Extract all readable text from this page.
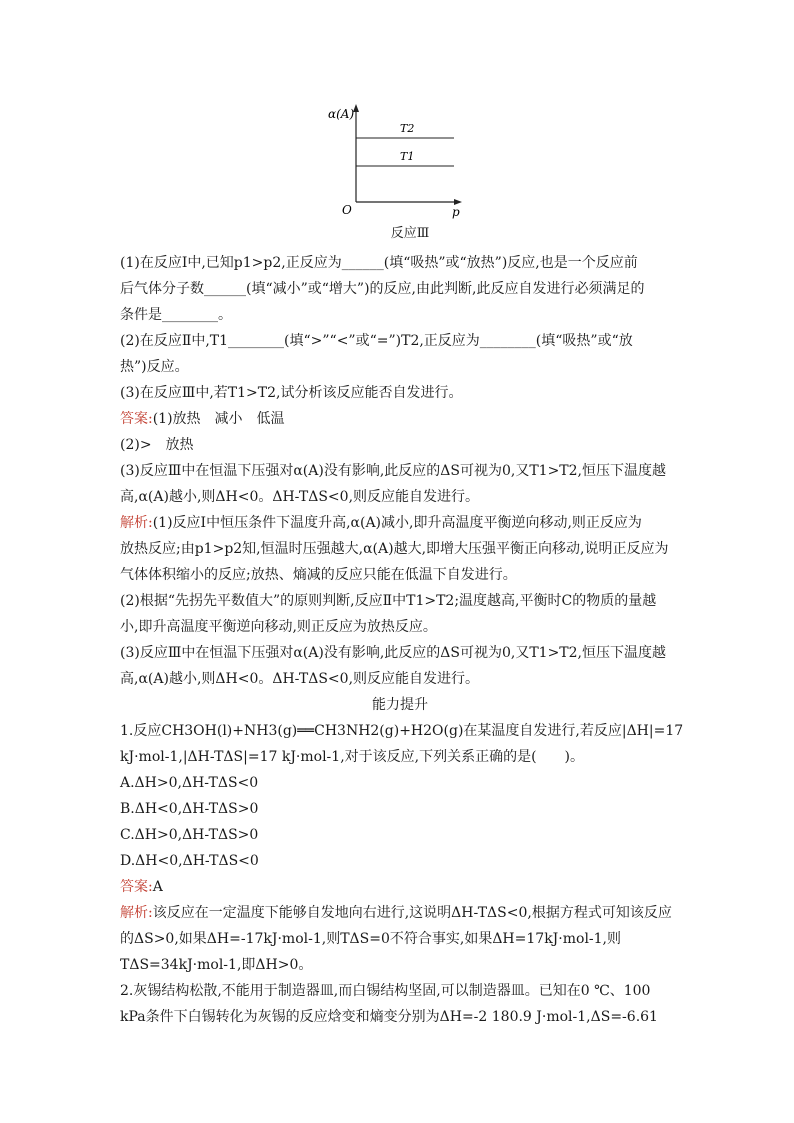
α(A)
p
O
T2
T1
反应Ⅲ
(1)在反应Ⅰ中,已知p1>p2,正反应为______(填“吸热”或“放热”)反应,也是一个反应前
后气体分子数______(填“减小”或“增大”)的反应,由此判断,此反应自发进行必须满足的
条件是________。
(2)在反应Ⅱ中,T1________(填“>”“<”或“=”)T2,正反应为________(填“吸热”或“放
热”)反应。
(3)在反应Ⅲ中,若T1>T2,试分析该反应能否自发进行。
答案:(1)放热　减小　低温
(2)>　放热
(3)反应Ⅲ中在恒温下压强对α(A)没有影响,此反应的ΔS可视为0,又T1>T2,恒压下温度越
高,α(A)越小,则ΔH<0。ΔH-TΔS<0,则反应能自发进行。
解析:(1)反应Ⅰ中恒压条件下温度升高,α(A)减小,即升高温度平衡逆向移动,则正反应为
放热反应;由p1>p2知,恒温时压强越大,α(A)越大,即增大压强平衡正向移动,说明正反应为
气体体积缩小的反应;放热、熵减的反应只能在低温下自发进行。
(2)根据“先拐先平数值大”的原则判断,反应Ⅱ中T1>T2;温度越高,平衡时C的物质的量越
小,即升高温度平衡逆向移动,则正反应为放热反应。
(3)反应Ⅲ中在恒温下压强对α(A)没有影响,此反应的ΔS可视为0,又T1>T2,恒压下温度越
高,α(A)越小,则ΔH<0。ΔH-TΔS<0,则反应能自发进行。
能力提升
1.反应CH3OH(l)+NH3(g)══CH3NH2(g)+H2O(g)在某温度自发进行,若反应|ΔH|=17
kJ·mol-1,|ΔH-TΔS|=17 kJ·mol-1,对于该反应,下列关系正确的是(　　)。
A.ΔH>0,ΔH-TΔS<0
B.ΔH<0,ΔH-TΔS>0
C.ΔH>0,ΔH-TΔS>0
D.ΔH<0,ΔH-TΔS<0
答案:A
解析:该反应在一定温度下能够自发地向右进行,这说明ΔH-TΔS<0,根据方程式可知该反应
的ΔS>0,如果ΔH=-17kJ·mol-1,则TΔS=0不符合事实,如果ΔH=17kJ·mol-1,则
TΔS=34kJ·mol-1,即ΔH>0。
2.灰锡结构松散,不能用于制造器皿,而白锡结构坚固,可以制造器皿。已知在0 ℃、100
kPa条件下白锡转化为灰锡的反应焓变和熵变分别为ΔH=-2 180.9 J·mol-1,ΔS=-6.61
